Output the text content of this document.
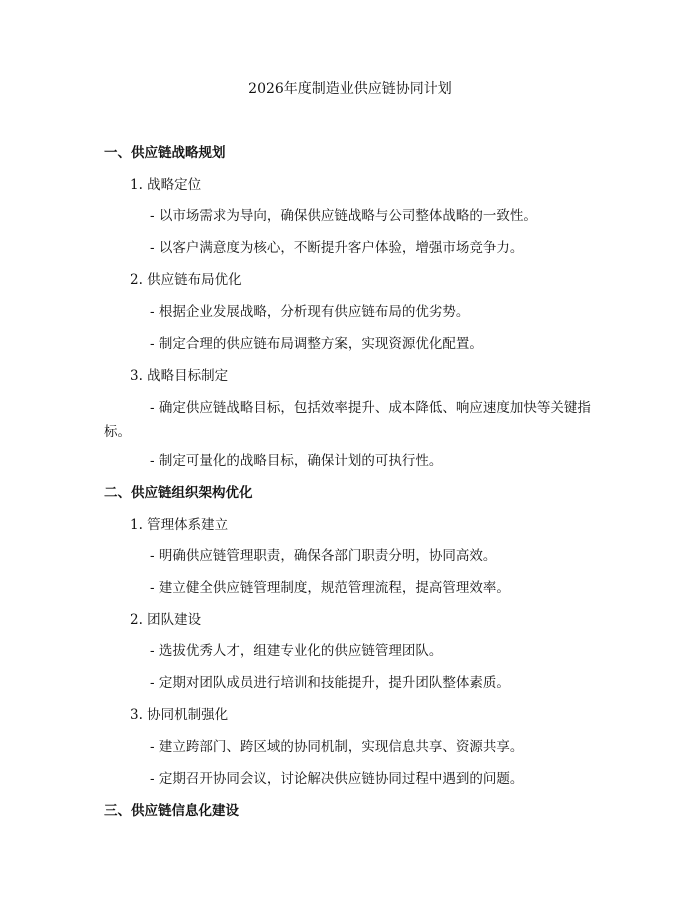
2026年度制造业供应链协同计划
一、供应链战略规划
1. 战略定位
- 以市场需求为导向，确保供应链战略与公司整体战略的一致性。
- 以客户满意度为核心，不断提升客户体验，增强市场竞争力。
2. 供应链布局优化
- 根据企业发展战略，分析现有供应链布局的优劣势。
- 制定合理的供应链布局调整方案，实现资源优化配置。
3. 战略目标制定
- 确定供应链战略目标，包括效率提升、成本降低、响应速度加快等关键指标。
- 制定可量化的战略目标，确保计划的可执行性。
二、供应链组织架构优化
1. 管理体系建立
- 明确供应链管理职责，确保各部门职责分明，协同高效。
- 建立健全供应链管理制度，规范管理流程，提高管理效率。
2. 团队建设
- 选拔优秀人才，组建专业化的供应链管理团队。
- 定期对团队成员进行培训和技能提升，提升团队整体素质。
3. 协同机制强化
- 建立跨部门、跨区域的协同机制，实现信息共享、资源共享。
- 定期召开协同会议，讨论解决供应链协同过程中遇到的问题。
三、供应链信息化建设
